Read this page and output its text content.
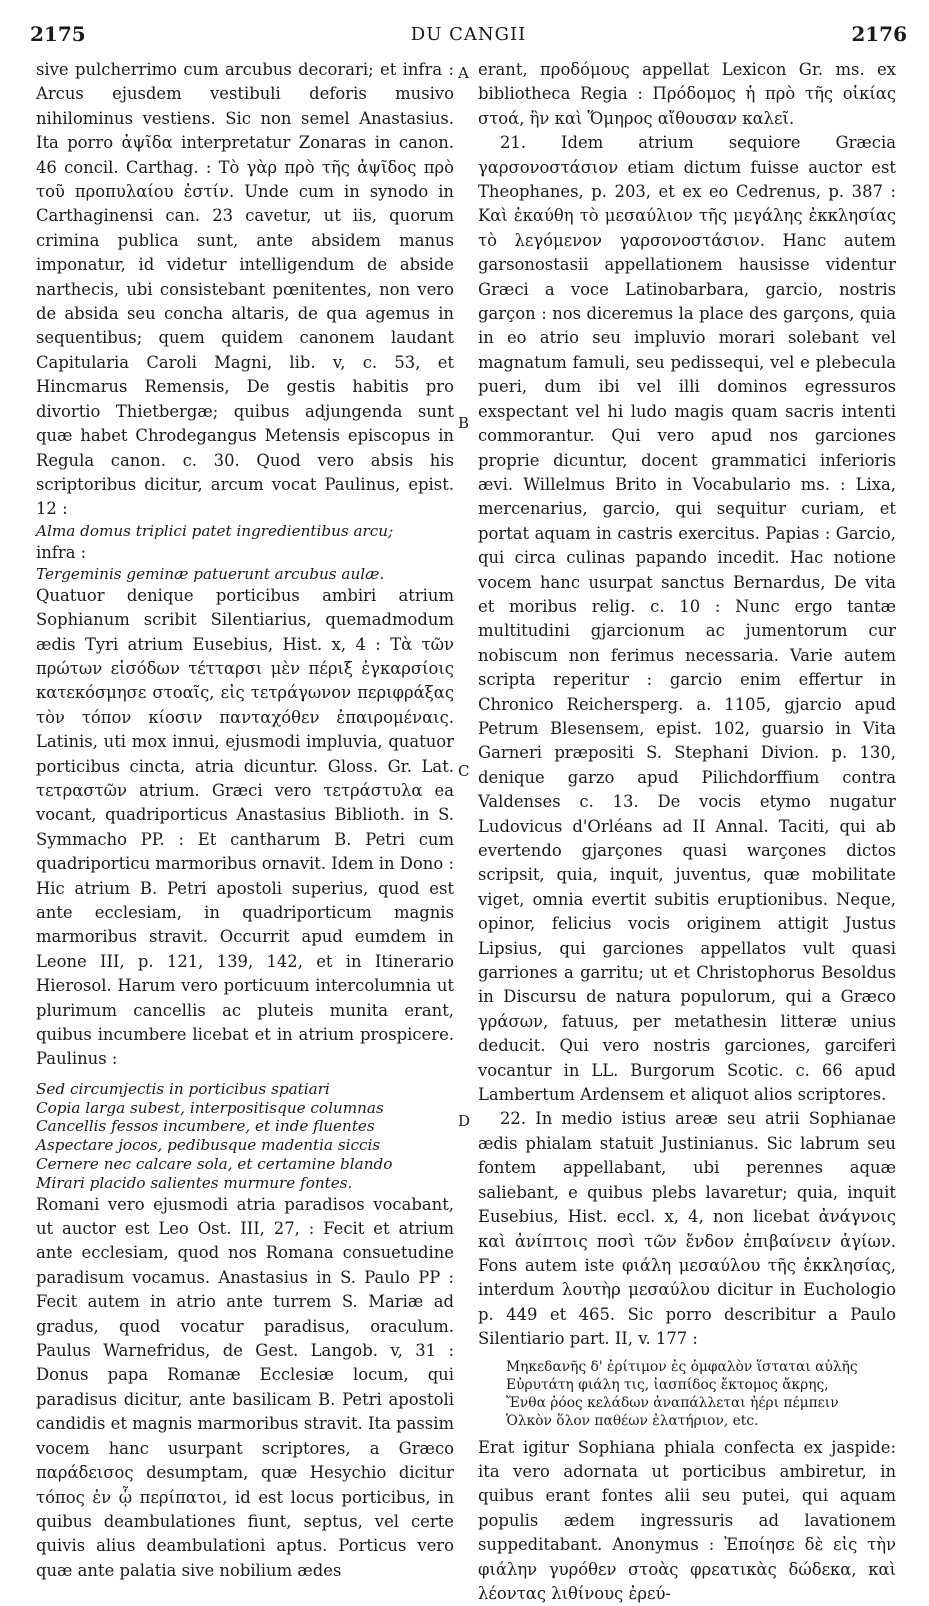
2175	DU CANGII	2176
A
B
C
D

sive pulcherrimo cum arcubus decorari; et infra : Arcus ejusdem vestibuli deforis musivo nihilominus vestiens. Sic non semel Anastasius. Ita porro ἀψῖδα interpretatur Zonaras in canon. 46 concil. Carthag. : Τὸ γὰρ πρὸ τῆς ἀψῖδος πρὸ τοῦ προπυλαίου ἐστίν. Unde cum in synodo in Carthaginensi can. 23 cavetur, ut iis, quorum crimina publica sunt, ante absidem manus imponatur, id videtur intelligendum de abside narthecis, ubi consistebant pœnitentes, non vero de absida seu concha altaris, de qua agemus in sequentibus; quem quidem canonem laudant Capitularia Caroli Magni, lib. v, c. 53, et Hincmarus Remensis, De gestis habitis pro divortio Thietbergæ; quibus adjungenda sunt quæ habet Chrodegangus Metensis episcopus in Regula canon. c. 30. Quod vero absis his scriptoribus dicitur, arcum vocat Paulinus, epist. 12 :

Alma domus triplici patet ingredientibus arcu;

infra :

Tergeminis geminæ patuerunt arcubus aulæ.

Quatuor denique porticibus ambiri atrium Sophianum scribit Silentiarius, quemadmodum ædis Tyri atrium Eusebius, Hist. x, 4 : Τὰ τῶν πρώτων εἰσόδων τέτταρσι μὲν πέριξ ἐγκαρσίοις κατεκόσμησε στοαῖς, εἰς τετράγωνον περιφράξας τὸν τόπον κίοσιν πανταχόθεν ἐπαιρομέναις. Latinis, uti mox innui, ejusmodi impluvia, quatuor porticibus cincta, atria dicuntur. Gloss. Gr. Lat. τετραστῶν atrium. Græci vero τετράστυλα ea vocant, quadriporticus Anastasius Biblioth. in S. Symmacho PP. : Et cantharum B. Petri cum quadriporticu marmoribus ornavit. Idem in Dono : Hic atrium B. Petri apostoli superius, quod est ante ecclesiam, in quadriporticum magnis marmoribus stravit. Occurrit apud eumdem in Leone III, p. 121, 139, 142, et in Itinerario Hierosol. Harum vero porticuum intercolumnia ut plurimum cancellis ac pluteis munita erant, quibus incumbere licebat et in atrium prospicere. Paulinus :

Sed circumjectis in porticibus spatiari

Copia larga subest, interpositisque columnas

Cancellis fessos incumbere, et inde fluentes

Aspectare jocos, pedibusque madentia siccis

Cernere nec calcare sola, et certamine blando

Mirari placido salientes murmure fontes.

Romani vero ejusmodi atria paradisos vocabant, ut auctor est Leo Ost. III, 27, : Fecit et atrium ante ecclesiam, quod nos Romana consuetudine paradisum vocamus. Anastasius in S. Paulo PP : Fecit autem in atrio ante turrem S. Mariæ ad gradus, quod vocatur paradisus, oraculum. Paulus Warnefridus, de Gest. Langob. v, 31 : Donus papa Romanæ Ecclesiæ locum, qui paradisus dicitur, ante basilicam B. Petri apostoli candidis et magnis marmoribus stravit. Ita passim vocem hanc usurpant scriptores, a Græco παράδεισος desumptam, quæ Hesychio dicitur τόπος ἐν ᾧ περίπατοι, id est locus porticibus, in quibus deambulationes fiunt, septus, vel certe quivis alius deambulationi aptus. Porticus vero quæ ante palatia sive nobilium ædes

erant, προδόμους appellat Lexicon Gr. ms. ex bibliotheca Regia : Πρόδομος ἡ πρὸ τῆς οἰκίας στοά, ἣν καὶ Ὅμηρος αἴθουσαν καλεῖ.

21. Idem atrium sequiore Græcia γαρσονοστάσιον etiam dictum fuisse auctor est Theophanes, p. 203, et ex eo Cedrenus, p. 387 : Καὶ ἐκαύθη τὸ μεσαύλιον τῆς μεγάλης ἐκκλησίας τὸ λεγόμενον γαρσονοστάσιον. Hanc autem garsonostasii appellationem hausisse videntur Græci a voce Latinobarbara, garcio, nostris garçon : nos diceremus la place des garçons, quia in eo atrio seu impluvio morari solebant vel magnatum famuli, seu pedissequi, vel e plebecula pueri, dum ibi vel illi dominos egressuros exspectant vel hi ludo magis quam sacris intenti commorantur. Qui vero apud nos garciones proprie dicuntur, docent grammatici inferioris ævi. Willelmus Brito in Vocabulario ms. : Lixa, mercenarius, garcio, qui sequitur curiam, et portat aquam in castris exercitus. Papias : Garcio, qui circa culinas papando incedit. Hac notione vocem hanc usurpat sanctus Bernardus, De vita et moribus relig. c. 10 : Nunc ergo tantæ multitudini gjarcionum ac jumentorum cur nobiscum non ferimus necessaria. Varie autem scripta reperitur : garcio enim effertur in Chronico Reichersperg. a. 1105, gjarcio apud Petrum Blesensem, epist. 102, guarsio in Vita Garneri præpositi S. Stephani Divion. p. 130, denique garzo apud Pilichdorffium contra Valdenses c. 13. De vocis etymo nugatur Ludovicus d'Orléans ad II Annal. Taciti, qui ab evertendo gjarçones quasi warçones dictos scripsit, quia, inquit, juventus, quæ mobilitate viget, omnia evertit subitis eruptionibus. Neque, opinor, felicius vocis originem attigit Justus Lipsius, qui garciones appellatos vult quasi garriones a garritu; ut et Christophorus Besoldus in Discursu de natura populorum, qui a Græco γράσων, fatuus, per metathesin litteræ unius deducit. Qui vero nostris garciones, garciferi vocantur in LL. Burgorum Scotic. c. 66 apud Lambertum Ardensem et aliquot alios scriptores.

22. In medio istius areæ seu atrii Sophianae ædis phialam statuit Justinianus. Sic labrum seu fontem appellabant, ubi perennes aquæ saliebant, e quibus plebs lavaretur; quia, inquit Eusebius, Hist. eccl. x, 4, non licebat ἀνάγνοις καὶ ἀνίπτοις ποσὶ τῶν ἔνδον ἐπιβαίνειν ἁγίων. Fons autem iste φιάλη μεσαύλου τῆς ἐκκλησίας, interdum λουτὴρ μεσαύλου dicitur in Euchologio p. 449 et 465. Sic porro describitur a Paulo Silentiario part. II, v. 177 :

Μηκεδανῆς δ' ἐρίτιμον ἐς ὀμφαλὸν ἵσταται αὐλῆς
Εὐρυτάτη φιάλη τις, ἰασπίδος ἔκτομος ἄκρης,
Ἔνθα ῥόος κελάδων ἀναπάλλεται ἠέρι πέμπειν
Ὁλκὸν ὅλον παθέων ἐλατήριον, etc.

Erat igitur Sophiana phiala confecta ex jaspide: ita vero adornata ut porticibus ambiretur, in quibus erant fontes alii seu putei, qui aquam populis ædem ingressuris ad lavationem suppeditabant. Anonymus : Ἐποίησε δὲ εἰς τὴν φιάλην γυρόθεν στοὰς φρεατικὰς δώδεκα, καὶ λέοντας λιθίνους ἐρεύ-
